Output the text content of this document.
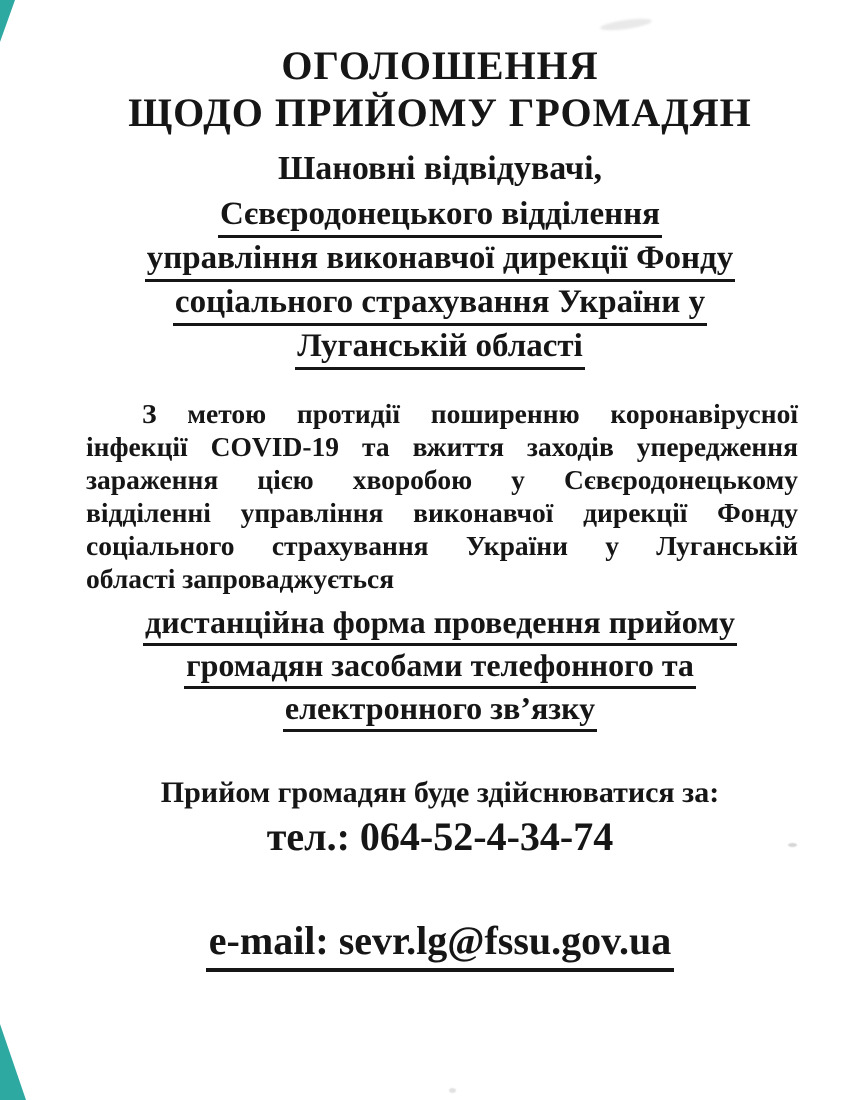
ОГОЛОШЕННЯ
ЩОДО ПРИЙОМУ ГРОМАДЯН
Шановні відвідувачі,
Сєвєродонецького відділення
управління виконавчої дирекції Фонду
соціального страхування України у
Луганській області
З метою протидії поширенню коронавірусної
інфекції COVID-19 та вжиття заходів упередження
зараження цією хворобою у Сєвєродонецькому
відділенні управління виконавчої дирекції Фонду
соціального страхування України у Луганській
області запроваджується
дистанційна форма проведення прийому
громадян засобами телефонного та
електронного зв’язку
Прийом громадян буде здійснюватися за:
тел.: 064-52-4-34-74
e-mail: sevr.lg@fssu.gov.ua
